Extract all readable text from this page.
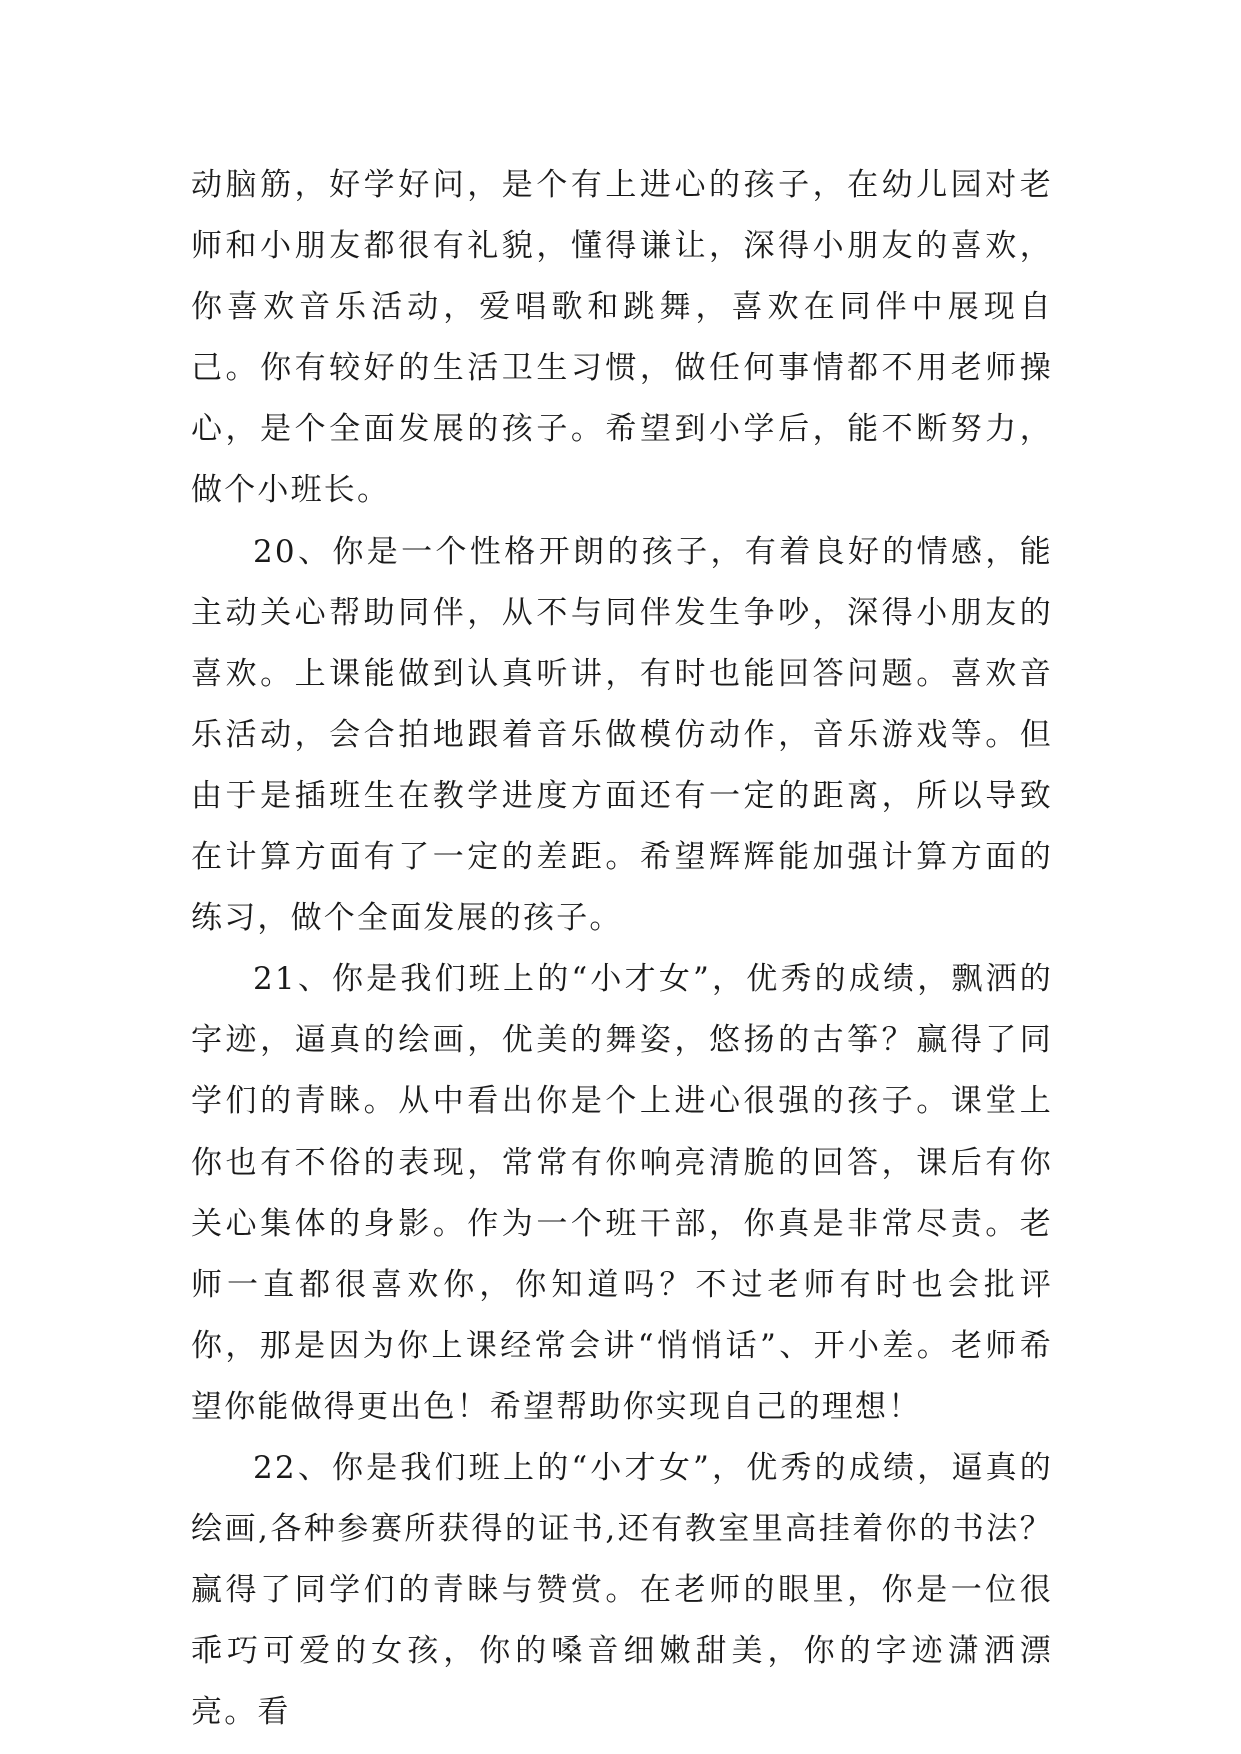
动脑筋，好学好问，是个有上进心的孩子，在幼儿园对老师和小朋友都很有礼貌，懂得谦让，深得小朋友的喜欢，你喜欢音乐活动，爱唱歌和跳舞，喜欢在同伴中展现自己。你有较好的生活卫生习惯，做任何事情都不用老师操心，是个全面发展的孩子。希望到小学后，能不断努力，做个小班长。

20、你是一个性格开朗的孩子，有着良好的情感，能主动关心帮助同伴，从不与同伴发生争吵，深得小朋友的喜欢。上课能做到认真听讲，有时也能回答问题。喜欢音乐活动，会合拍地跟着音乐做模仿动作，音乐游戏等。但由于是插班生在教学进度方面还有一定的距离，所以导致在计算方面有了一定的差距。希望辉辉能加强计算方面的练习，做个全面发展的孩子。

21、你是我们班上的“小才女”，优秀的成绩，飘洒的字迹，逼真的绘画，优美的舞姿，悠扬的古筝？赢得了同学们的青睐。从中看出你是个上进心很强的孩子。课堂上你也有不俗的表现，常常有你响亮清脆的回答，课后有你关心集体的身影。作为一个班干部，你真是非常尽责。老师一直都很喜欢你，你知道吗？不过老师有时也会批评你，那是因为你上课经常会讲“悄悄话”、开小差。老师希望你能做得更出色！希望帮助你实现自己的理想！

22、你是我们班上的“小才女”，优秀的成绩，逼真的绘画,各种参赛所获得的证书,还有教室里高挂着你的书法？赢得了同学们的青睐与赞赏。在老师的眼里，你是一位很乖巧可爱的女孩，你的嗓音细嫩甜美，你的字迹潇洒漂亮。看
